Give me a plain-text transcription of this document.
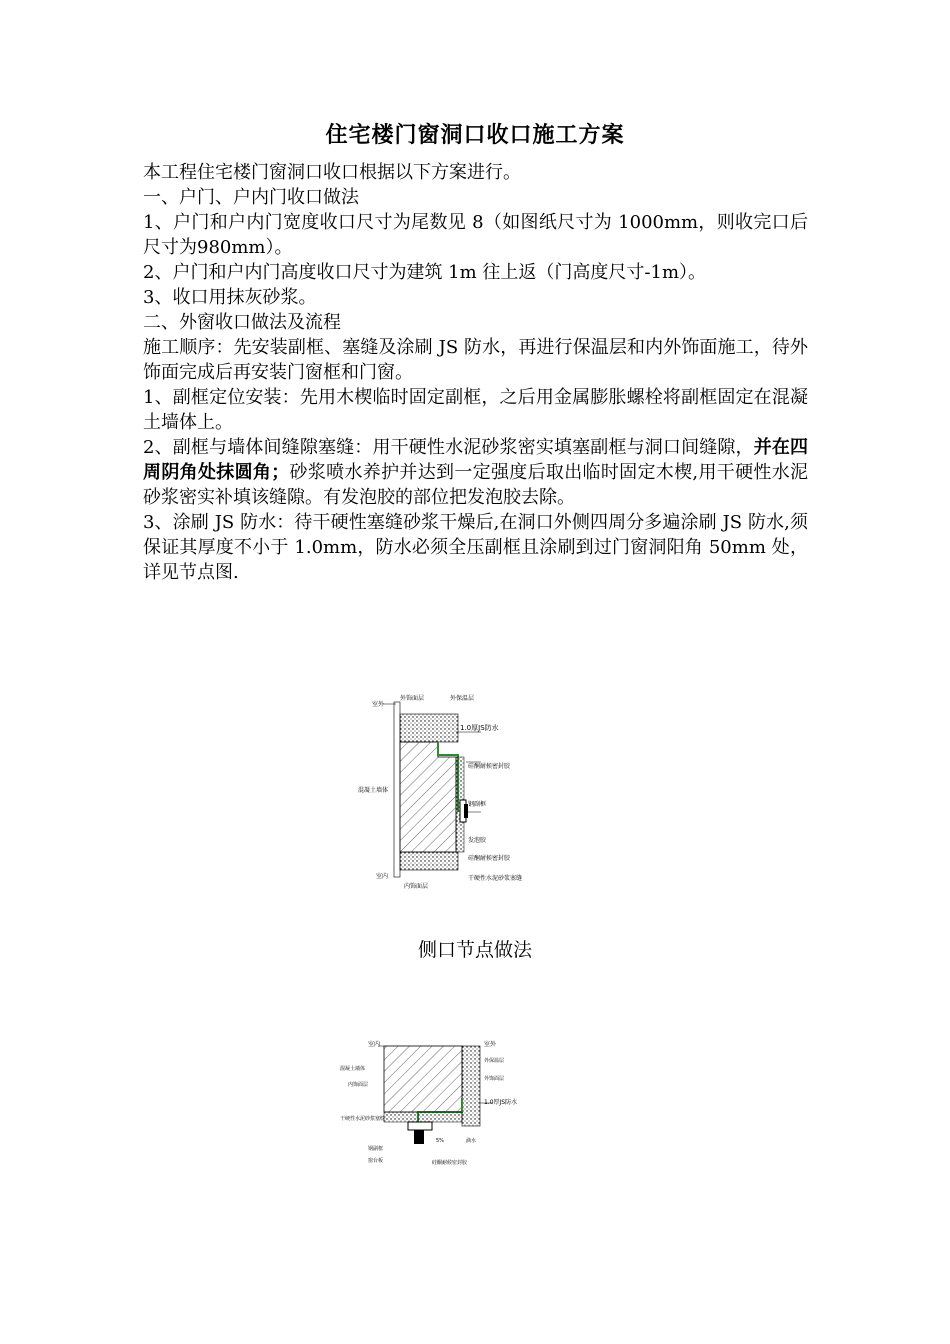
住宅楼门窗洞口收口施工方案

本工程住宅楼门窗洞口收口根据以下方案进行。

一、户门、户内门收口做法

1、户门和户内门宽度收口尺寸为尾数见 8（如图纸尺寸为 1000mm，则收完口后尺寸为980mm）。

2、户门和户内门高度收口尺寸为建筑 1m 往上返（门高度尺寸-1m）。

3、收口用抹灰砂浆。

二、外窗收口做法及流程

施工顺序：先安装副框、塞缝及涂刷 JS 防水，再进行保温层和内外饰面施工，待外饰面完成后再安装门窗框和门窗。

1、副框定位安装：先用木楔临时固定副框，之后用金属膨胀螺栓将副框固定在混凝土墙体上。

2、副框与墙体间缝隙塞缝：用干硬性水泥砂浆密实填塞副框与洞口间缝隙，并在四周阴角处抹圆角；砂浆喷水养护并达到一定强度后取出临时固定木楔,用干硬性水泥砂浆密实补填该缝隙。有发泡胶的部位把发泡胶去除。

3、涂刷 JS 防水：待干硬性塞缝砂浆干燥后,在洞口外侧四周分多遍涂刷 JS 防水,须保证其厚度不小于 1.0mm，防水必须全压副框且涂刷到过门窗洞阳角 50mm 处，详见节点图.

室外
外饰面层	外保温层
1.0厚JS防水
混凝土墙体
硅酮耐候密封胶
钢副框
发泡胶
硅酮耐候密封胶
室内
内饰面层
干硬性水泥砂浆塞缝
侧口节点做法
室内	室外
混凝土墙体
外保温层
内饰面层
外饰面层
1.0厚JS防水
干硬性水泥砂浆塞缝
钢副框
5%	滴水
窗台板	硅酮耐候密封胶
